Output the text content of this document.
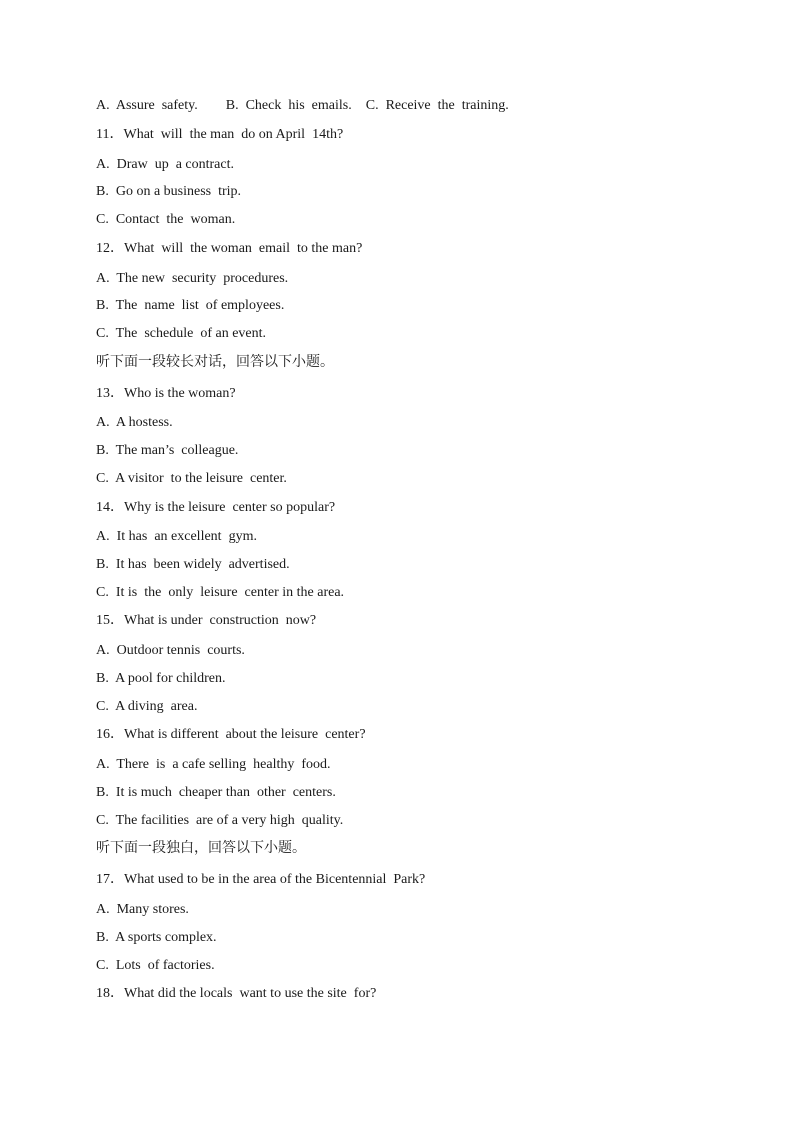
A.  Assure  safety.        B.  Check  his  emails.    C.  Receive  the  training.
11．What  will  the man  do on April  14th?
A.  Draw  up  a contract.
B.  Go on a business  trip.
C.  Contact  the  woman.
12．What  will  the woman  email  to the man?
A.  The new  security  procedures.
B.  The  name  list  of employees.
C.  The  schedule  of an event.
听下面一段较长对话，回答以下小题。
13．Who is the woman?
A.  A hostess.
B.  The man’s  colleague.
C.  A visitor  to the leisure  center.
14．Why is the leisure  center so popular?
A.  It has  an excellent  gym.
B.  It has  been widely  advertised.
C.  It is  the  only  leisure  center in the area.
15．What is under  construction  now?
A.  Outdoor tennis  courts.
B.  A pool for children.
C.  A diving  area.
16．What is different  about the leisure  center?
A.  There  is  a cafe selling  healthy  food.
B.  It is much  cheaper than  other  centers.
C.  The facilities  are of a very high  quality.
听下面一段独白，回答以下小题。
17．What used to be in the area of the Bicentennial  Park?
A.  Many stores.
B.  A sports complex.
C.  Lots  of factories.
18．What did the locals  want to use the site  for?
